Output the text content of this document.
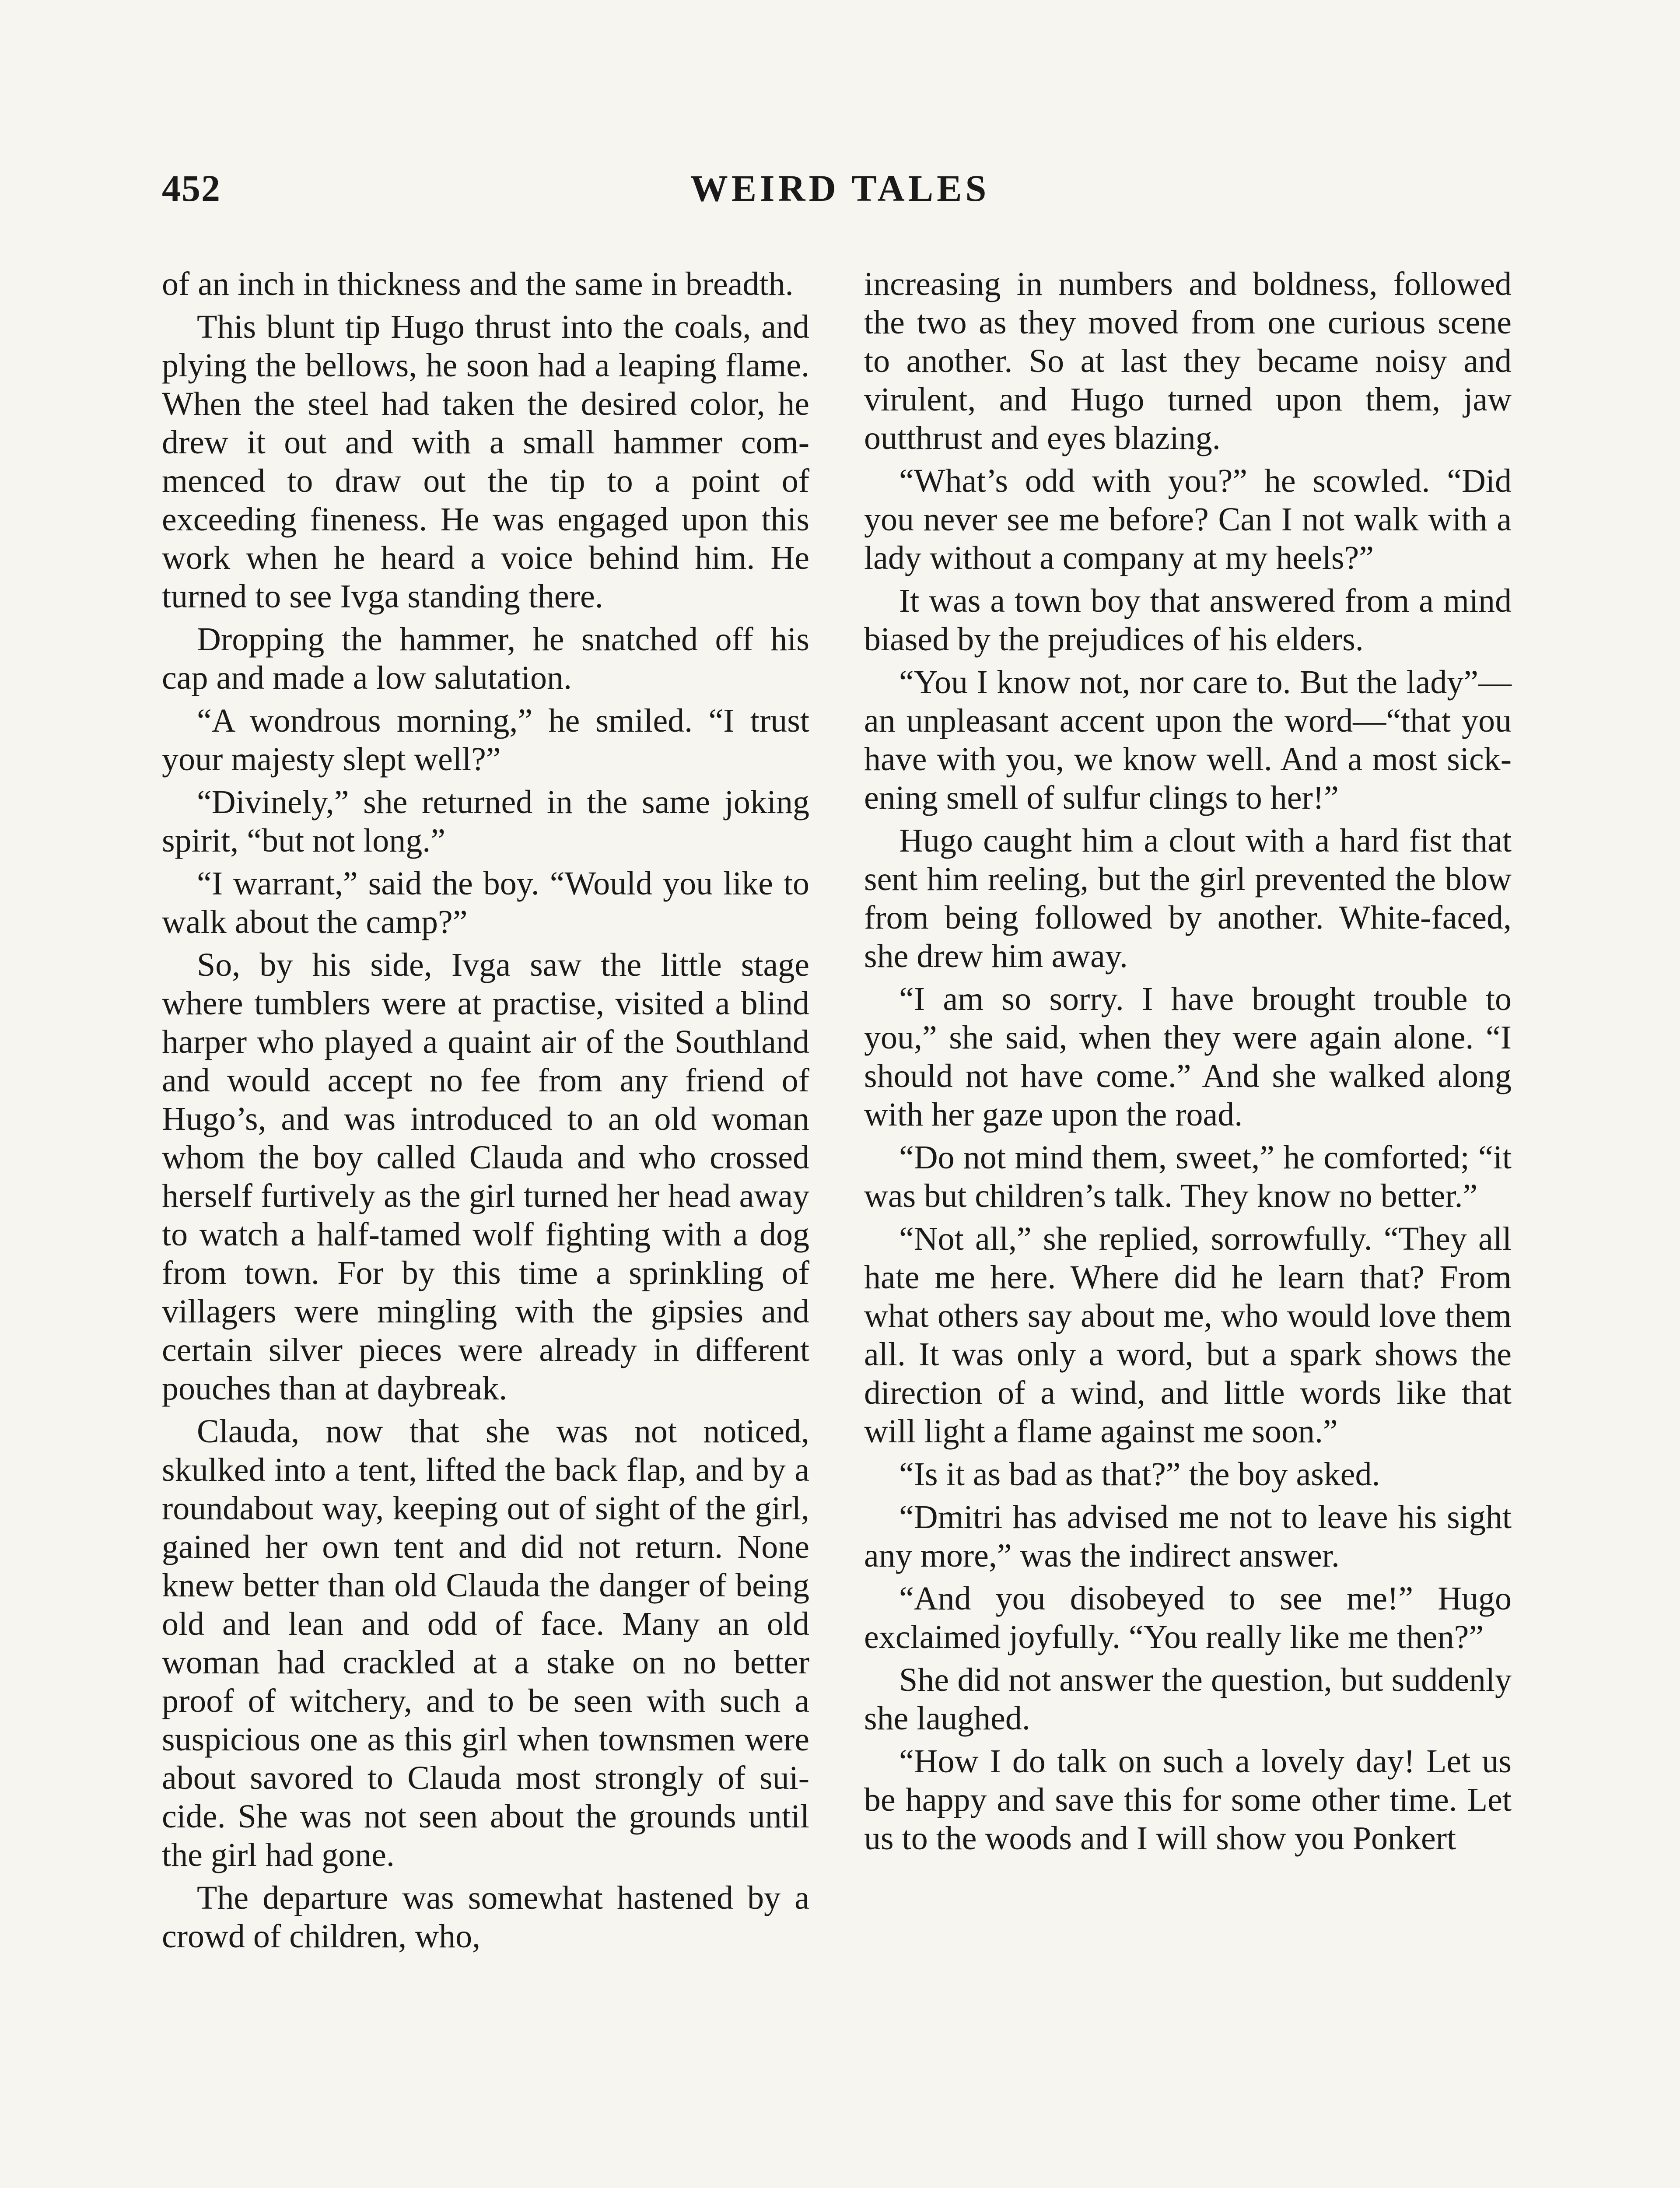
452	WEIRD TALES

of an inch in thickness and the same in breadth.

This blunt tip Hugo thrust into the coals, and plying the bellows, he soon had a leaping flame. When the steel had taken the desired color, he drew it out and with a small hammer commenced to draw out the tip to a point of exceeding fineness. He was engaged upon this work when he heard a voice behind him. He turned to see Ivga standing there.

Dropping the hammer, he snatched off his cap and made a low salutation.

“A wondrous morning,” he smiled. “I trust your majesty slept well?”

“Divinely,” she returned in the same joking spirit, “but not long.”

“I warrant,” said the boy. “Would you like to walk about the camp?”

So, by his side, Ivga saw the little stage where tumblers were at practise, visited a blind harper who played a quaint air of the Southland and would accept no fee from any friend of Hugo’s, and was introduced to an old woman whom the boy called Clauda and who crossed herself furtively as the girl turned her head away to watch a half-tamed wolf fighting with a dog from town. For by this time a sprinkling of villagers were mingling with the gipsies and certain silver pieces were already in different pouches than at daybreak.

Clauda, now that she was not noticed, skulked into a tent, lifted the back flap, and by a roundabout way, keeping out of sight of the girl, gained her own tent and did not return. None knew better than old Clauda the danger of being old and lean and odd of face. Many an old woman had crackled at a stake on no better proof of witchery, and to be seen with such a suspicious one as this girl when townsmen were about savored to Clauda most strongly of suicide. She was not seen about the grounds until the girl had gone.

The departure was somewhat hastened by a crowd of children, who,

increasing in numbers and boldness, followed the two as they moved from one curious scene to another. So at last they became noisy and virulent, and Hugo turned upon them, jaw outthrust and eyes blazing.

“What’s odd with you?” he scowled. “Did you never see me before? Can I not walk with a lady without a company at my heels?”

It was a town boy that answered from a mind biased by the prejudices of his elders.

“You I know not, nor care to. But the lady”—an unpleasant accent upon the word—“that you have with you, we know well. And a most sickening smell of sulfur clings to her!”

Hugo caught him a clout with a hard fist that sent him reeling, but the girl prevented the blow from being followed by another. White-faced, she drew him away.

“I am so sorry. I have brought trouble to you,” she said, when they were again alone. “I should not have come.” And she walked along with her gaze upon the road.

“Do not mind them, sweet,” he comforted; “it was but children’s talk. They know no better.”

“Not all,” she replied, sorrowfully. “They all hate me here. Where did he learn that? From what others say about me, who would love them all. It was only a word, but a spark shows the direction of a wind, and little words like that will light a flame against me soon.”

“Is it as bad as that?” the boy asked.

“Dmitri has advised me not to leave his sight any more,” was the indirect answer.

“And you disobeyed to see me!” Hugo exclaimed joyfully. “You really like me then?”

She did not answer the question, but suddenly she laughed.

“How I do talk on such a lovely day! Let us be happy and save this for some other time. Let us to the woods and I will show you Ponkert
